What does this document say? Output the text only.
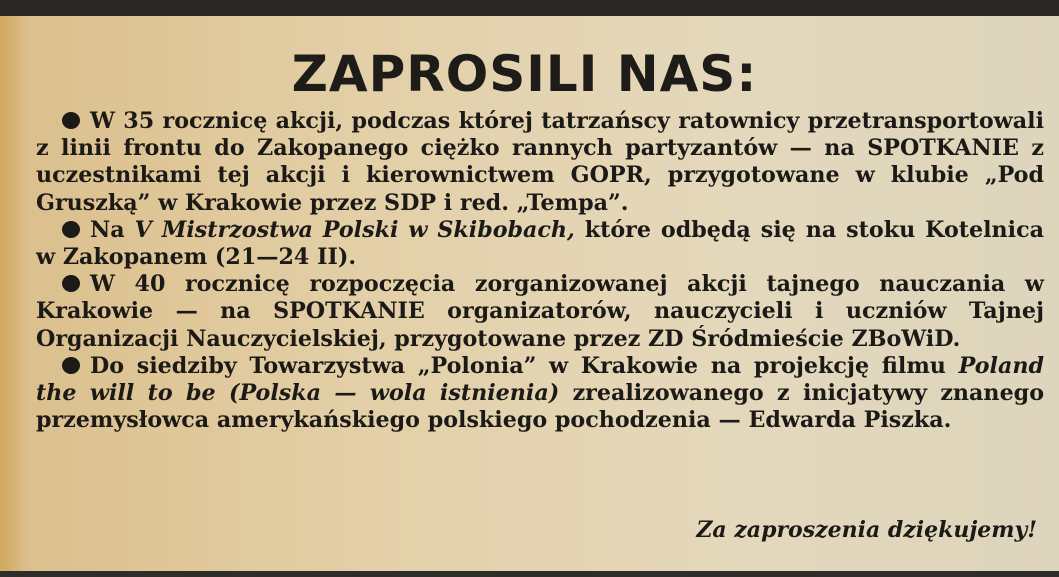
ZAPROSILI NAS:

W 35 rocznicę akcji, podczas której tatrzańscy ratownicy przetransportowali z linii frontu do Zakopanego ciężko rannych partyzantów — na SPOTKANIE z uczestnikami tej akcji i kierownictwem GOPR, przygotowane w klubie „Pod Gruszką” w Krakowie przez SDP i red. „Tempa”.

Na V Mistrzostwa Polski w Skibobach, które odbędą się na stoku Kotelnica w Zakopanem (21—24 II).

W 40 rocznicę rozpoczęcia zorganizowanej akcji tajnego nauczania w Krakowie — na SPOTKANIE organizatorów, nauczycieli i uczniów Tajnej Organizacji Nauczycielskiej, przygotowane przez ZD Śródmieście ZBoWiD.

Do siedziby Towarzystwa „Polonia” w Krakowie na projekcję filmu Poland the will to be (Polska — wola istnienia) zrealizowanego z inicjatywy znanego przemysłowca amerykańskiego polskiego pochodzenia — Edwarda Piszka.

Za zaproszenia dziękujemy!
